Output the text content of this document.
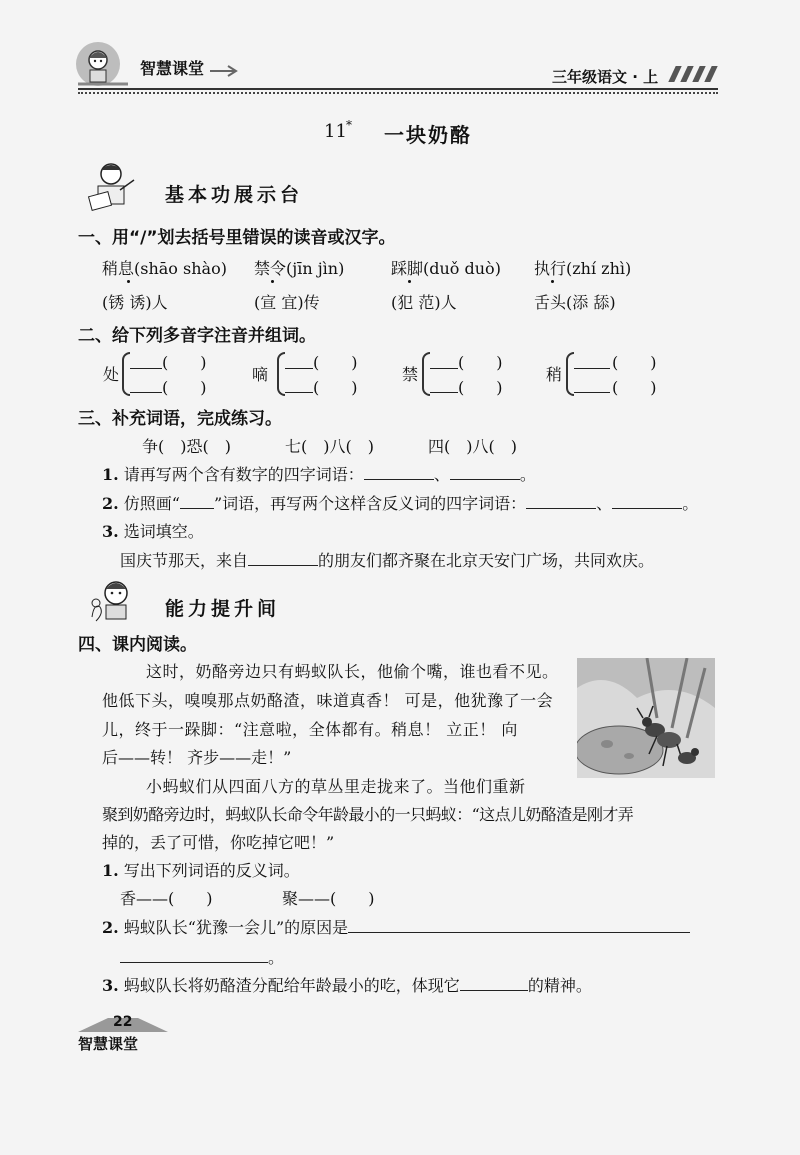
智慧课堂	三年级语文 · 上
11 * 一块奶酪
基本功展示台
一、用“/”划去括号里错误的读音或汉字。
稍息(shāo shào) 禁令(jīn jìn)	踩脚(duǒ duò) 执行(zhí zhì)
(锈 诱)人	(宣 宜)传	(犯 范)人	舌头(添 舔)
二、给下列多音字注音并组词。
处
(　　)
(　　)
嘀
(　　)
(　　)
禁
(　　)
(　　)
稍
(　　)
(　　)
三、补充词语，完成练习。
争(　)恐(　)	七(　)八(　)	四(　)八(　)
1. 请再写两个含有数字的四字词语：	、	。
2. 仿照画“ ”词语，再写两个这样含反义词的四字词语：	、	。
3. 选词填空。
国庆节那天，来自	的朋友们都齐聚在北京天安门广场，共同欢庆。
能力提升间
四、课内阅读。
这时，奶酪旁边只有蚂蚁队长，他偷个嘴，谁也看不见。
他低下头，嗅嗅那点奶酪渣，味道真香！ 可是，他犹豫了一会
儿，终于一跺脚：“注意啦，全体都有。稍息！ 立正！ 向
后——转！ 齐步——走！”
小蚂蚁们从四面八方的草丛里走拢来了。当他们重新
聚到奶酪旁边时，蚂蚁队长命令年龄最小的一只蚂蚁：“这点儿奶酪渣是刚才弄
掉的，丢了可惜，你吃掉它吧！”
1. 写出下列词语的反义词。
香——(　　)	聚——(　　)
2. 蚂蚁队长“犹豫一会儿”的原因是
。
3. 蚂蚁队长将奶酪渣分配给年龄最小的吃，体现它	的精神。
22
智慧课堂
